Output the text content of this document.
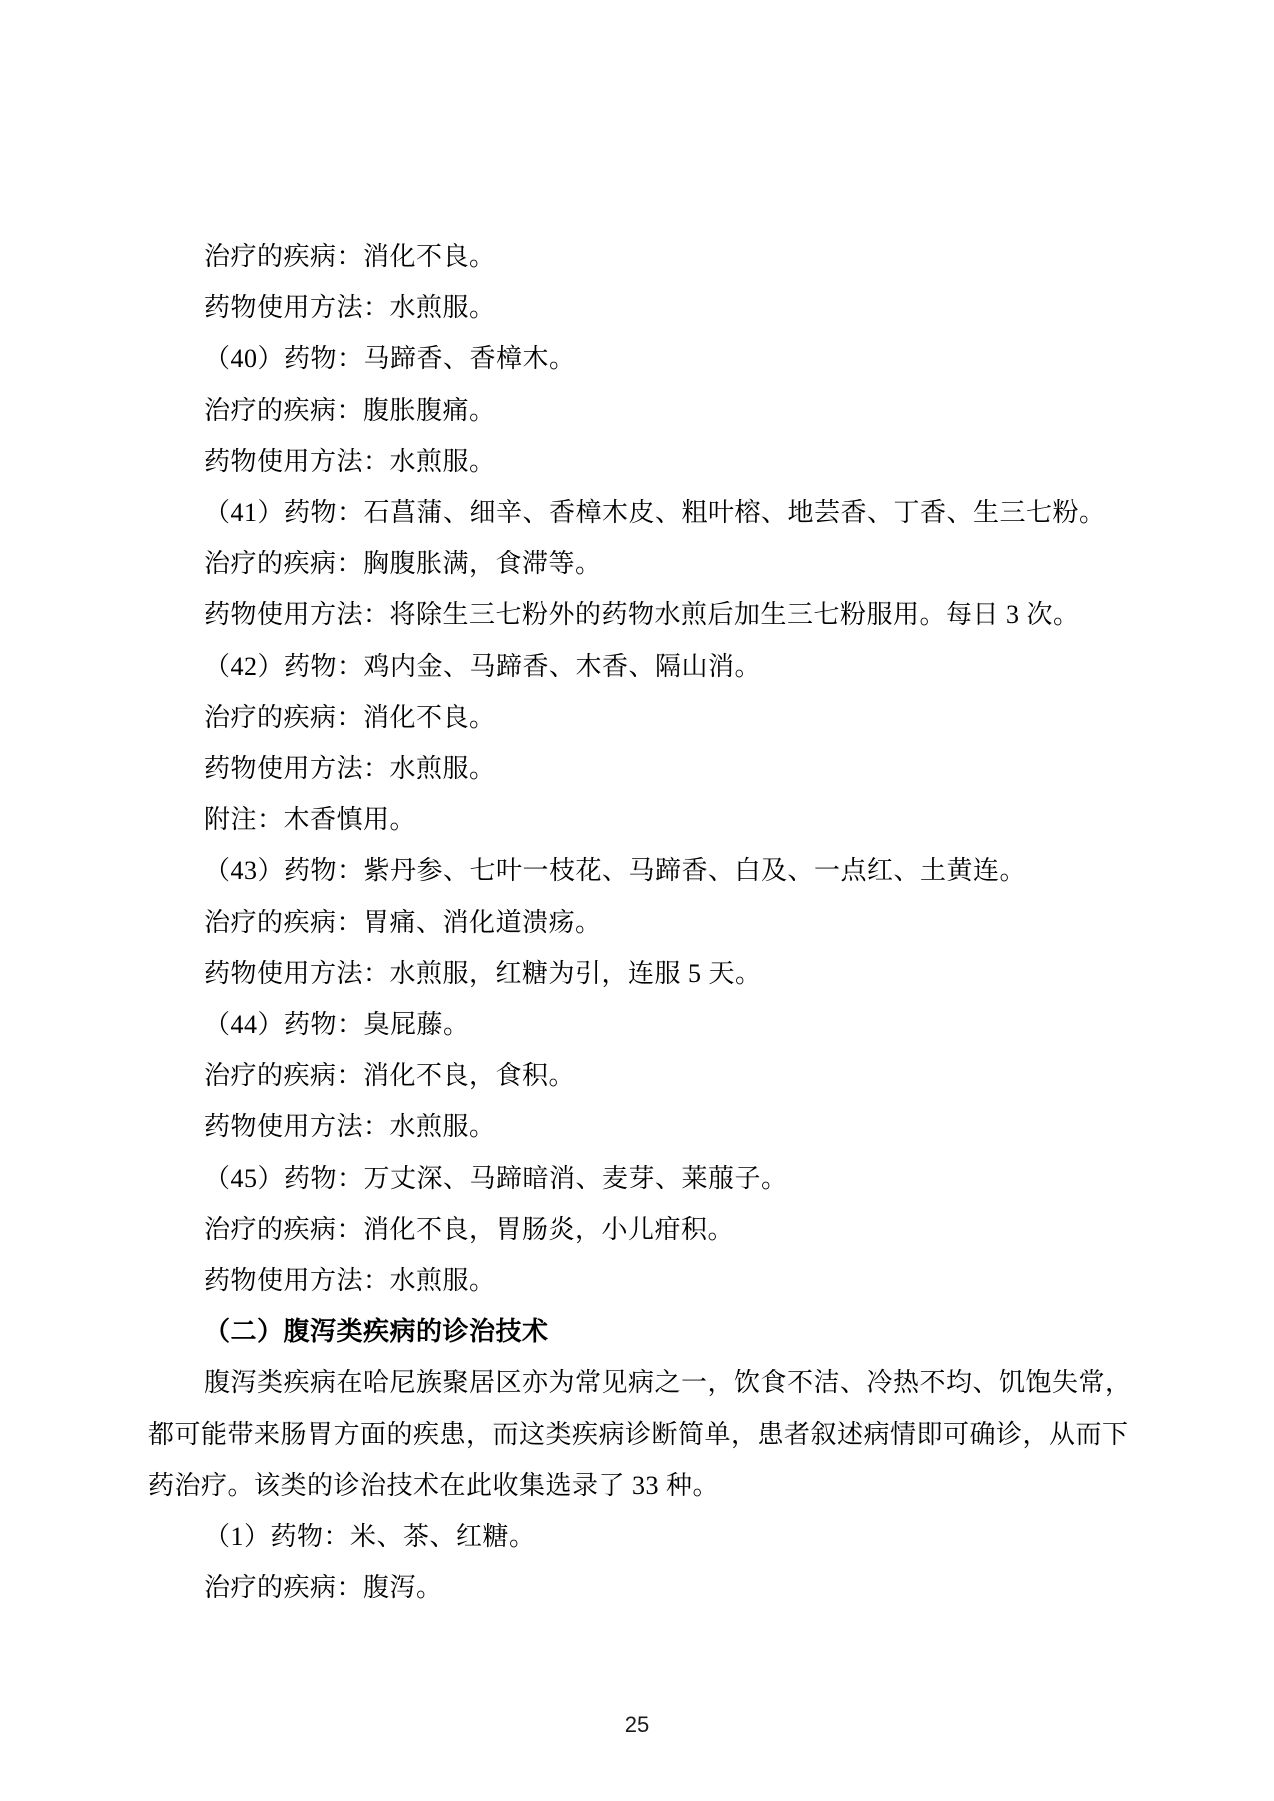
治疗的疾病：消化不良。
药物使用方法：水煎服。
（40）药物：马蹄香、香樟木。
治疗的疾病：腹胀腹痛。
药物使用方法：水煎服。
（41）药物：石菖蒲、细辛、香樟木皮、粗叶榕、地芸香、丁香、生三七粉。
治疗的疾病：胸腹胀满，食滞等。
药物使用方法：将除生三七粉外的药物水煎后加生三七粉服用。每日 3 次。
（42）药物：鸡内金、马蹄香、木香、隔山消。
治疗的疾病：消化不良。
药物使用方法：水煎服。
附注：木香慎用。
（43）药物：紫丹参、七叶一枝花、马蹄香、白及、一点红、土黄连。
治疗的疾病：胃痛、消化道溃疡。
药物使用方法：水煎服，红糖为引，连服 5 天。
（44）药物：臭屁藤。
治疗的疾病：消化不良，食积。
药物使用方法：水煎服。
（45）药物：万丈深、马蹄暗消、麦芽、莱菔子。
治疗的疾病：消化不良，胃肠炎，小儿疳积。
药物使用方法：水煎服。
（二）腹泻类疾病的诊治技术
腹泻类疾病在哈尼族聚居区亦为常见病之一，饮食不洁、冷热不均、饥饱失常，
都可能带来肠胃方面的疾患，而这类疾病诊断简单，患者叙述病情即可确诊，从而下
药治疗。该类的诊治技术在此收集选录了 33 种。
（1）药物：米、茶、红糖。
治疗的疾病：腹泻。
25
